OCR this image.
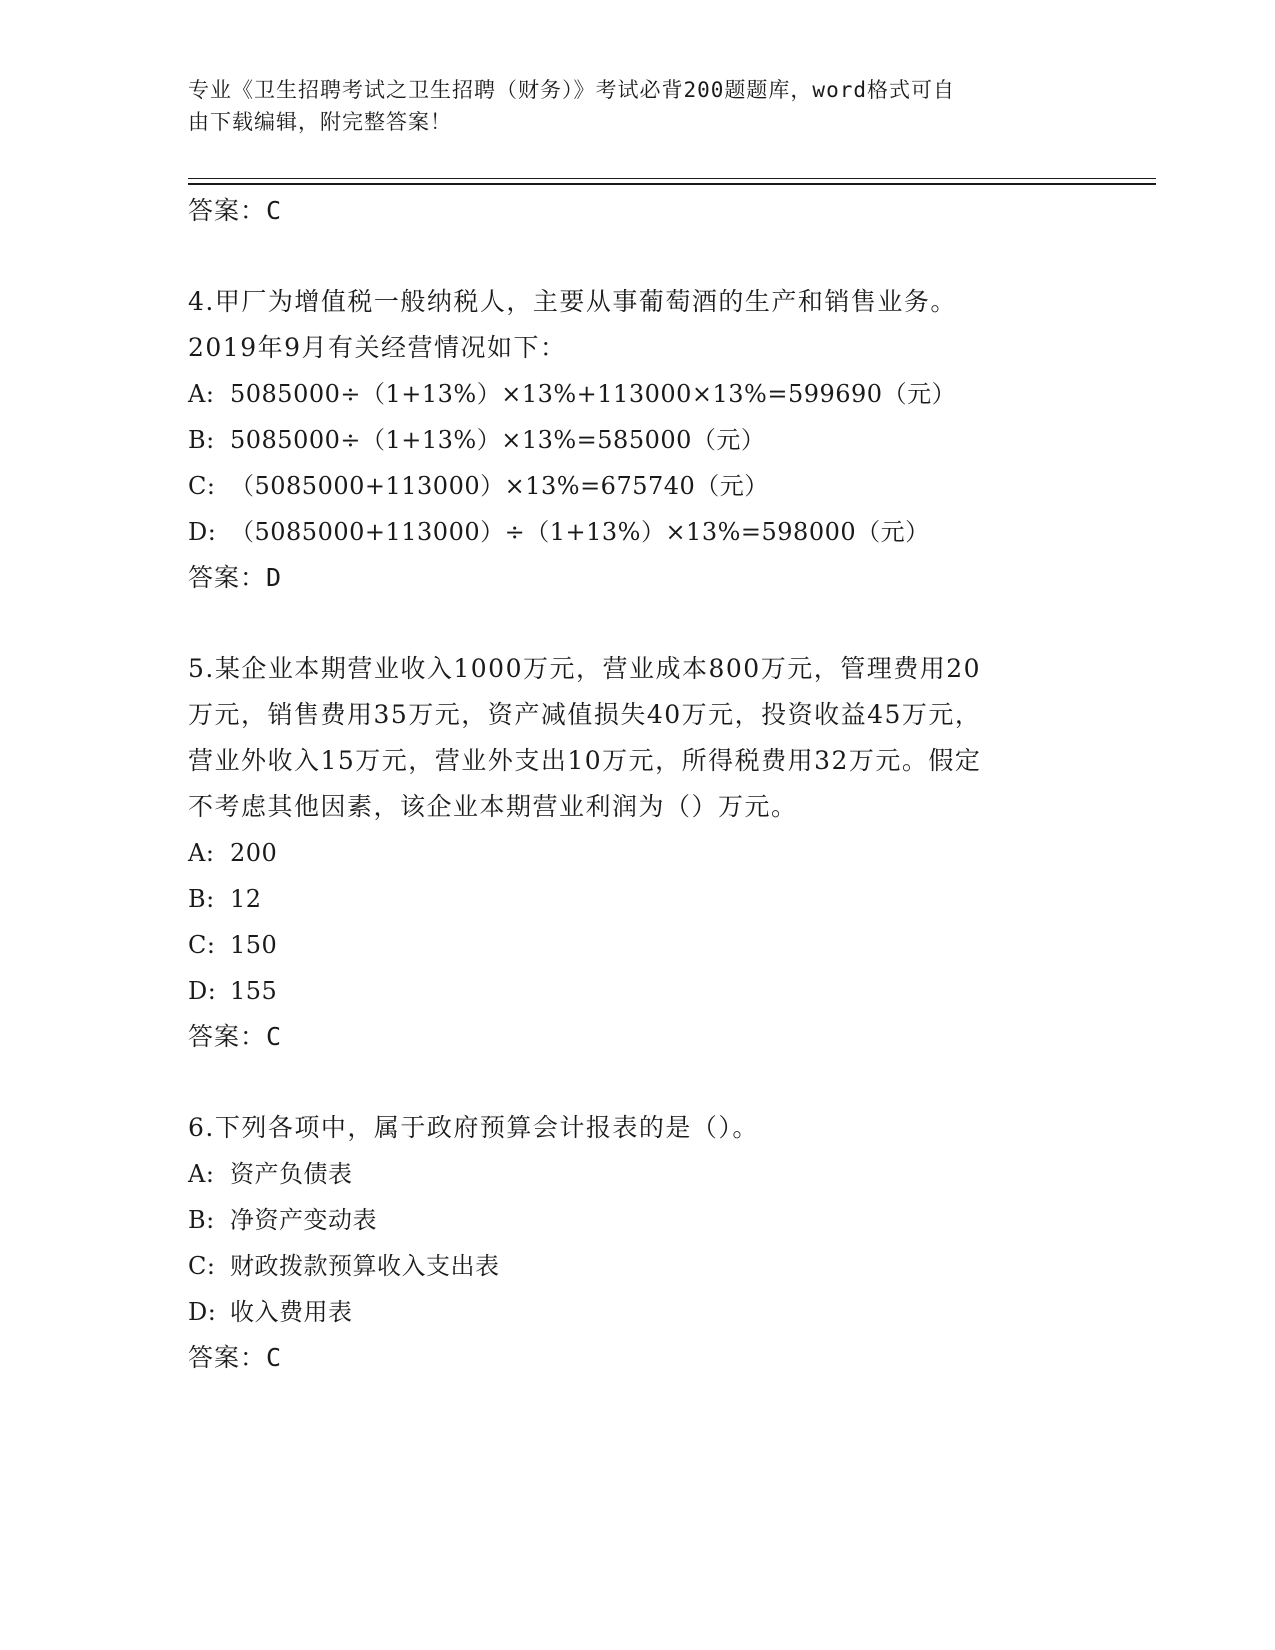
专业《卫生招聘考试之卫生招聘（财务）》考试必背200题题库，word格式可自
由下载编辑，附完整答案！
答案：C
4.甲厂为增值税一般纳税人，主要从事葡萄酒的生产和销售业务。
2019年9月有关经营情况如下：
A: 5085000÷（1+13%）×13%+113000×13%=599690（元）
B: 5085000÷（1+13%）×13%=585000（元）
C: （5085000+113000）×13%=675740（元）
D: （5085000+113000）÷（1+13%）×13%=598000（元）
答案：D
5.某企业本期营业收入1000万元，营业成本800万元，管理费用20
万元，销售费用35万元，资产减值损失40万元，投资收益45万元，
营业外收入15万元，营业外支出10万元，所得税费用32万元。假定
不考虑其他因素，该企业本期营业利润为（）万元。
A: 200
B: 12
C: 150
D: 155
答案：C
6.下列各项中，属于政府预算会计报表的是（）。
A: 资产负债表
B: 净资产变动表
C: 财政拨款预算收入支出表
D: 收入费用表
答案：C
